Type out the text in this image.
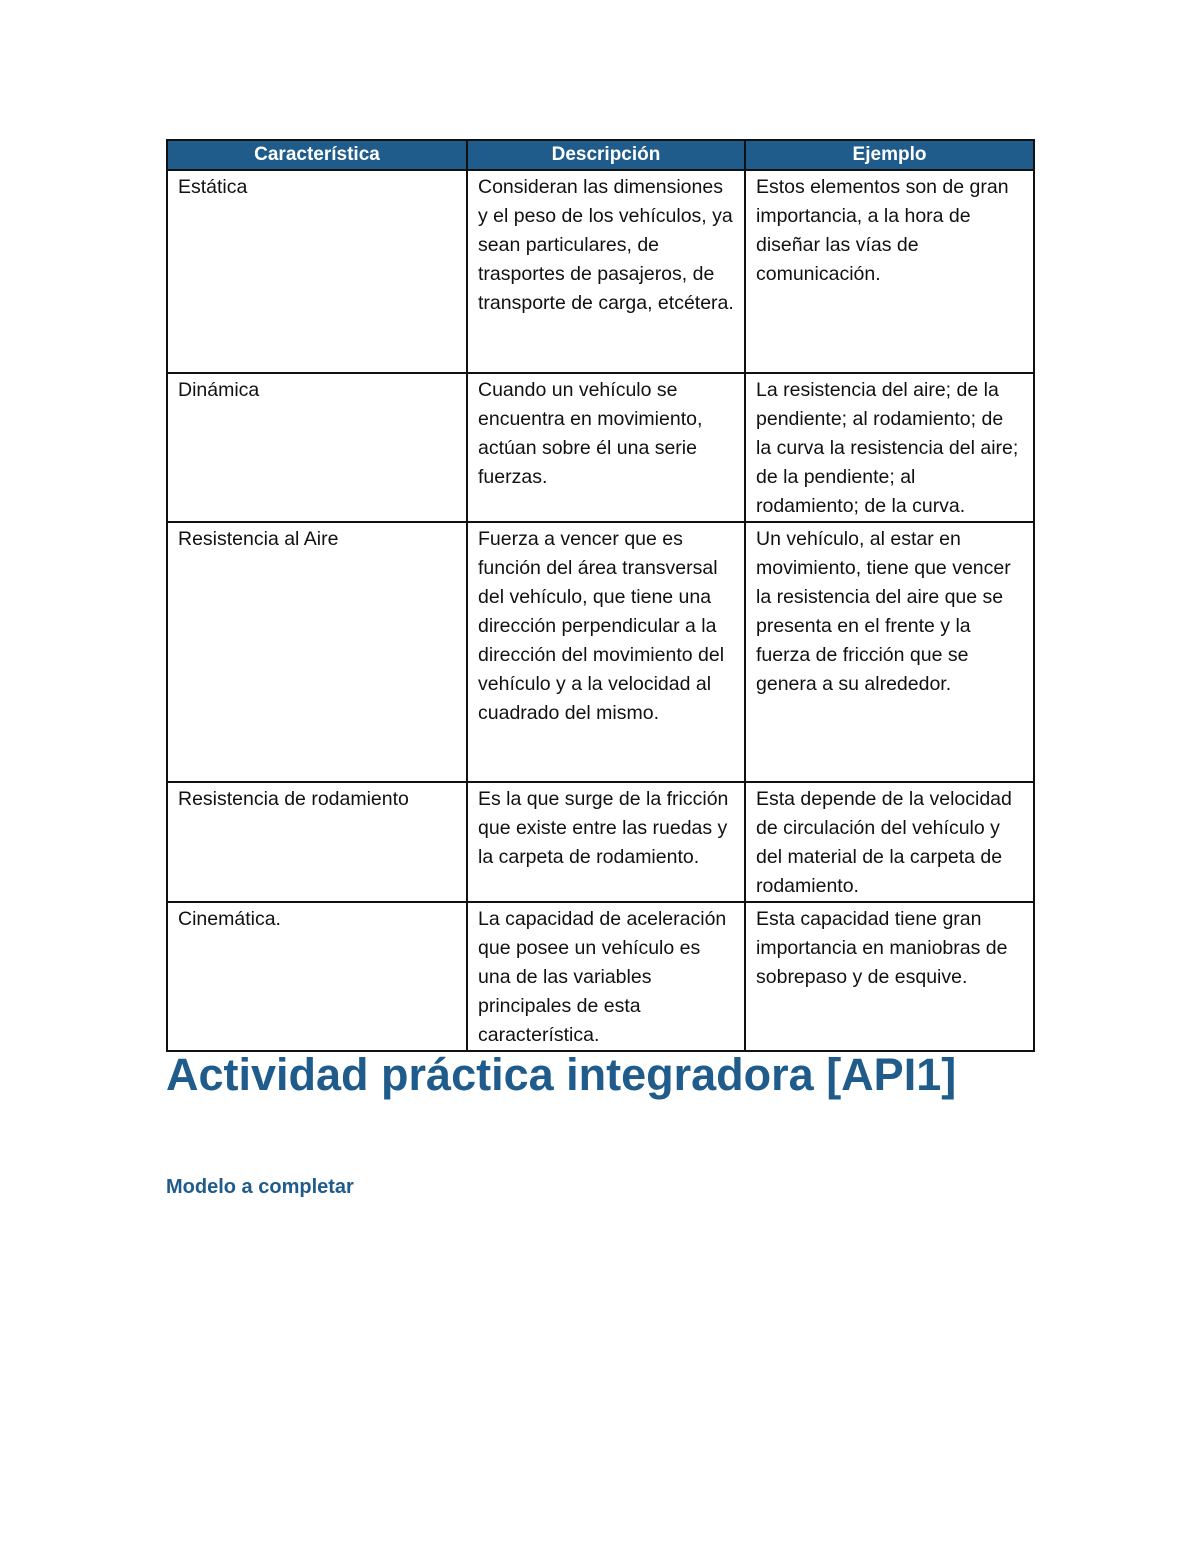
Característica	Descripción	Ejemplo
Estática	Consideran las dimensiones y el peso de los vehículos, ya sean particulares, de trasportes de pasajeros, de transporte de carga, etcétera.	Estos elementos son de gran importancia, a la hora de diseñar las vías de comunicación.
Dinámica	Cuando un vehículo se encuentra en movimiento, actúan sobre él una serie fuerzas.	La resistencia del aire; de la pendiente; al rodamiento; de la curva la resistencia del aire; de la pendiente; al rodamiento; de la curva.
Resistencia al Aire	Fuerza a vencer que es función del área transversal del vehículo, que tiene una dirección perpendicular a la dirección del movimiento del vehículo y a la velocidad al cuadrado del mismo.	Un vehículo, al estar en movimiento, tiene que vencer la resistencia del aire que se presenta en el frente y la fuerza de fricción que se genera a su alrededor.
Resistencia de rodamiento	Es la que surge de la fricción que existe entre las ruedas y la carpeta de rodamiento.	Esta depende de la velocidad de circulación del vehículo y del material de la carpeta de rodamiento.
Cinemática.	La capacidad de aceleración que posee un vehículo es una de las variables principales de esta característica.	Esta capacidad tiene gran importancia en maniobras de sobrepaso y de esquive.
Actividad práctica integradora [API1]
Modelo a completar
